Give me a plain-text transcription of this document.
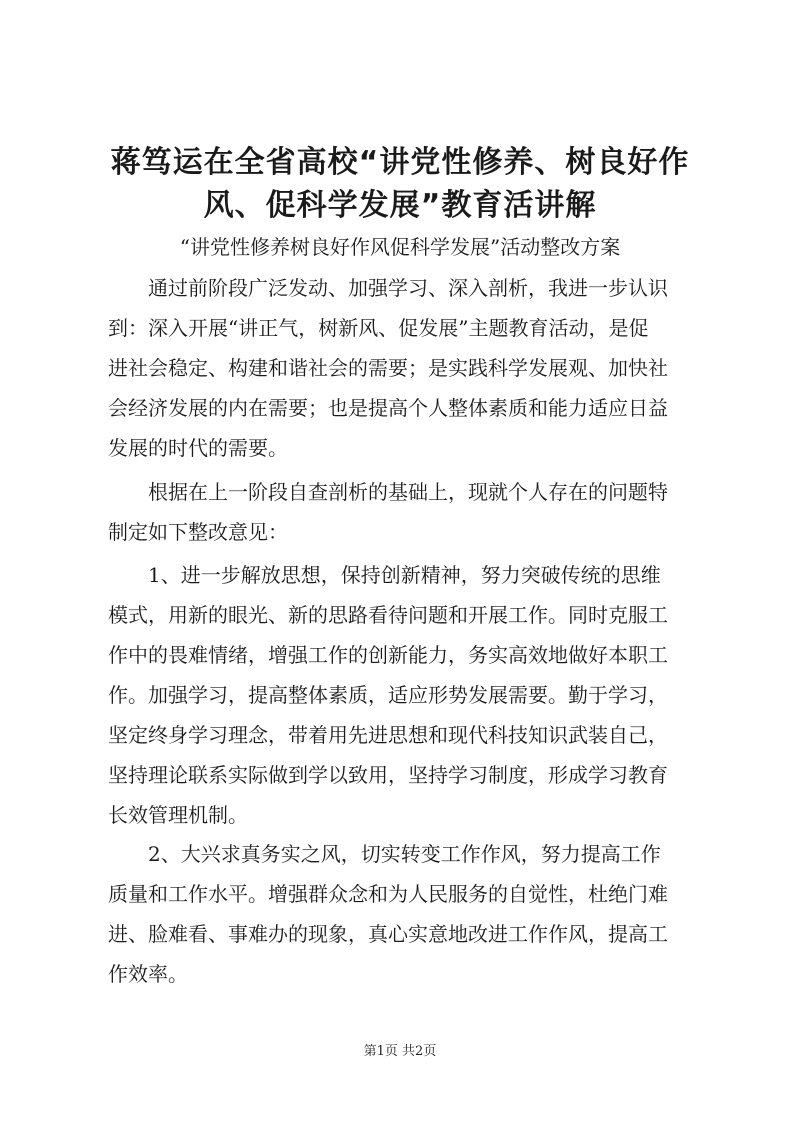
蒋笃运在全省高校“讲党性修养、树良好作
风、促科学发展”教育活讲解

“讲党性修养树良好作风促科学发展”活动整改方案

　　通过前阶段广泛发动、加强学习、深入剖析，我进一步认识
到：深入开展“讲正气，树新风、促发展”主题教育活动，是促
进社会稳定、构建和谐社会的需要；是实践科学发展观、加快社
会经济发展的内在需要；也是提高个人整体素质和能力适应日益
发展的时代的需要。
　　根据在上一阶段自查剖析的基础上，现就个人存在的问题特
制定如下整改意见：
　　1、进一步解放思想，保持创新精神，努力突破传统的思维
模式，用新的眼光、新的思路看待问题和开展工作。同时克服工
作中的畏难情绪，增强工作的创新能力，务实高效地做好本职工
作。加强学习，提高整体素质，适应形势发展需要。勤于学习，
坚定终身学习理念，带着用先进思想和现代科技知识武装自己，
坚持理论联系实际做到学以致用，坚持学习制度，形成学习教育
长效管理机制。
　　2、大兴求真务实之风，切实转变工作作风，努力提高工作
质量和工作水平。增强群众念和为人民服务的自觉性，杜绝门难
进、脸难看、事难办的现象，真心实意地改进工作作风，提高工
作效率。
第1页 共2页
